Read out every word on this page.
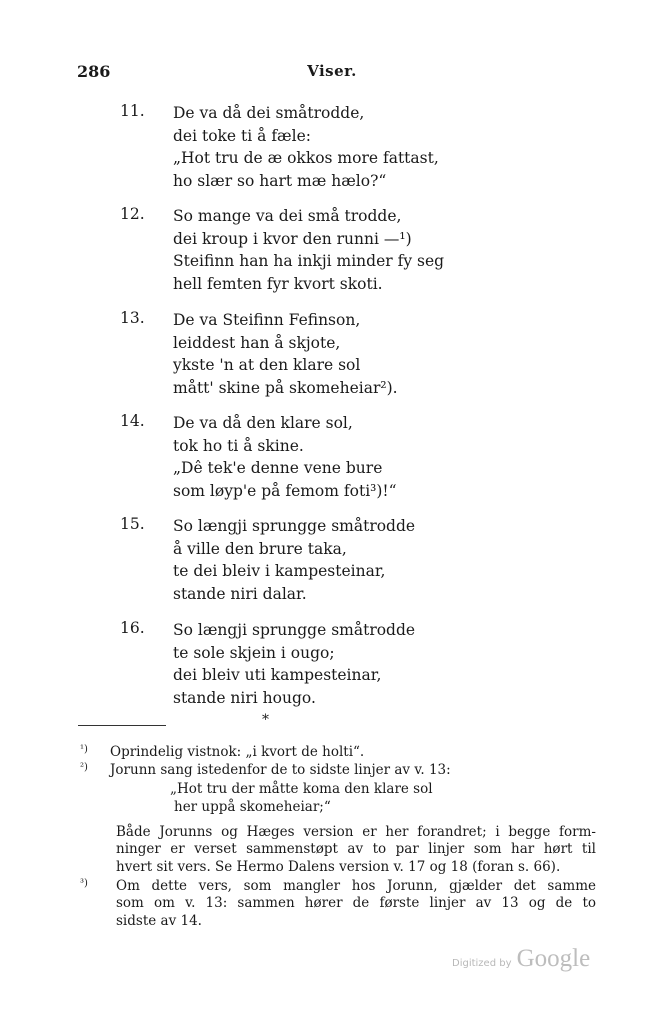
286	Viser.
11.	De va då dei småtrodde,
dei toke ti å fæle:
„Hot tru de æ okkos more fattast,
ho slær so hart mæ hælo?“
12.	So mange va dei små trodde,
dei kroup i kvor den runni —¹)
Steifinn han ha inkji minder fy seg
hell femten fyr kvort skoti.
13.	De va Steifinn Fefinson,
leiddest han å skjote,
ykste 'n at den klare sol
mått' skine på skomeheiar²).
14.	De va då den klare sol,
tok ho ti å skine.
„Dê tek'e denne vene bure
som løyp'e på femom foti³)!“
15.	So længji sprungge småtrodde
å ville den brure taka,
te dei bleiv i kampesteinar,
stande niri dalar.
16.	So længji sprungge småtrodde
te sole skjein i ougo;
dei bleiv uti kampesteinar,
stande niri hougo.
*
¹) Oprindelig vistnok: „i kvort de holti“.
²) Jorunn sang istedenfor de to sidste linjer av v. 13:
„Hot tru der måtte koma den klare sol
her uppå skomeheiar;“
Både Jorunns og Hæges version er her forandret; i begge form-
ninger er verset sammenstøpt av to par linjer som har hørt til
hvert sit vers. Se Hermo Dalens version v. 17 og 18 (foran s. 66).
³) Om dette vers, som mangler hos Jorunn, gjælder det samme
som om v. 13: sammen hører de første linjer av 13 og de to
sidste av 14.
Digitized by Google
